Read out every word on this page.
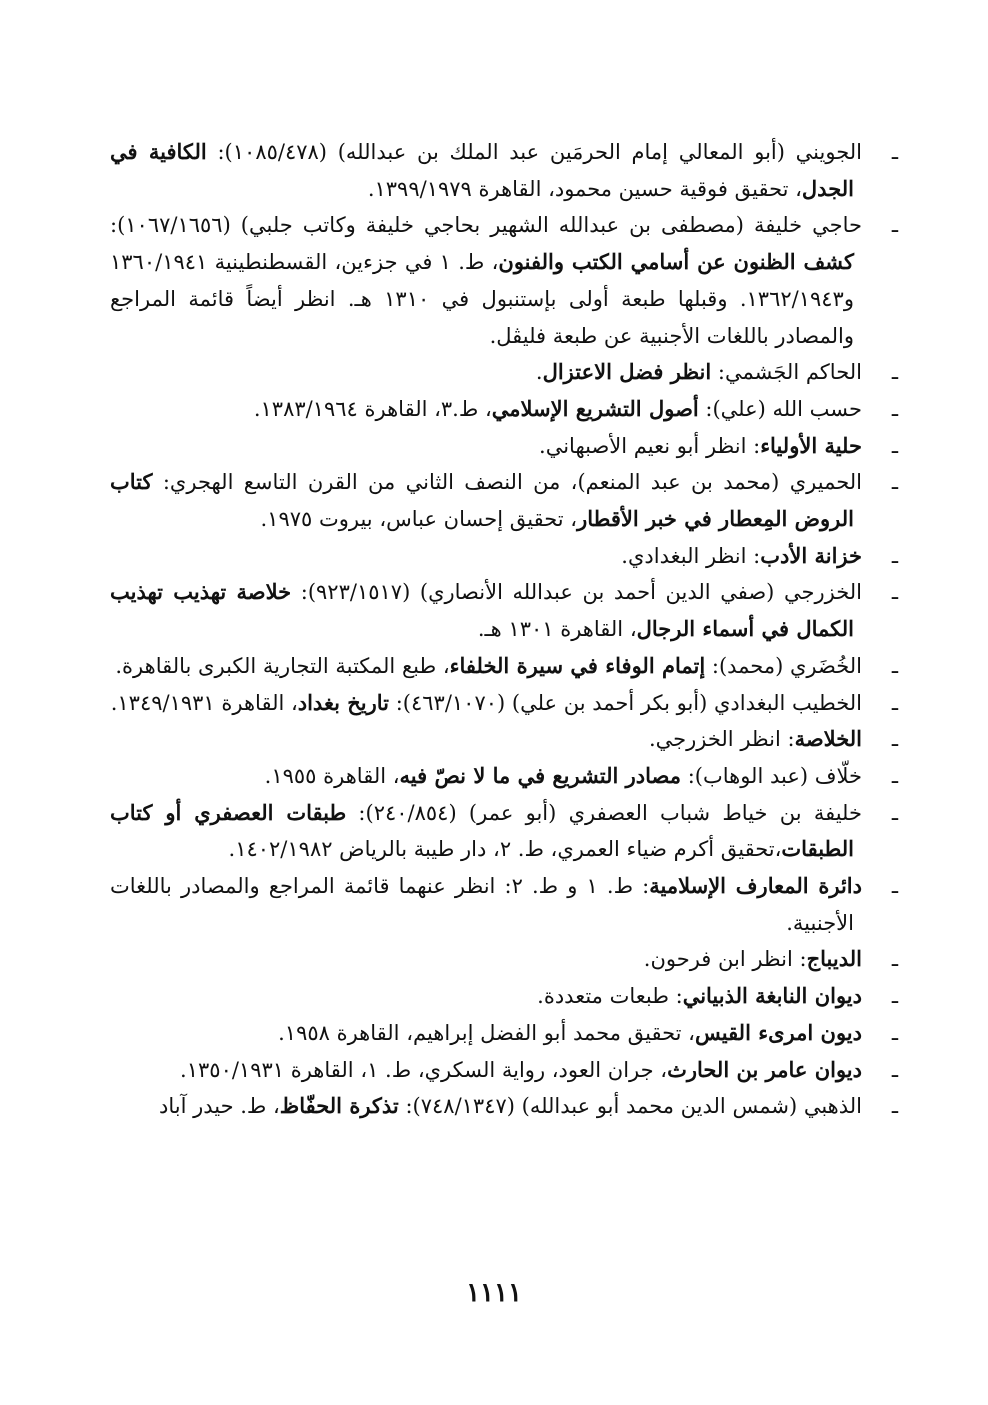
ـالجويني (أبو المعالي إمام الحرمَين عبد الملك بن عبدالله) (١٠٨٥/٤٧٨): الكافية في الجدل، تحقيق فوقية حسين محمود، القاهرة ١٣٩٩/١٩٧٩.

ـحاجي خليفة (مصطفى بن عبدالله الشهير بحاجي خليفة وكاتب جلبي) (١٠٦٧/١٦٥٦): كشف الظنون عن أسامي الكتب والفنون، ط. ١ في جزءين، القسطنطينية ١٣٦٠/١٩٤١ و١٣٦٢/١٩٤٣. وقبلها طبعة أولى بإستنبول في ١٣١٠ هـ. انظر أيضاً قائمة المراجع والمصادر باللغات الأجنبية عن طبعة فليڤل.

ـالحاكم الجَشمي: انظر فضل الاعتزال.

ـحسب الله (علي): أصول التشريع الإسلامي، ط.٣، القاهرة ١٣٨٣/١٩٦٤.

ـحلية الأولياء: انظر أبو نعيم الأصبهاني.

ـالحميري (محمد بن عبد المنعم)، من النصف الثاني من القرن التاسع الهجري: كتاب الروض المِعطار في خبر الأقطار، تحقيق إحسان عباس، بيروت ١٩٧٥.

ـخزانة الأدب: انظر البغدادي.

ـالخزرجي (صفي الدين أحمد بن عبدالله الأنصاري) (٩٢٣/١٥١٧): خلاصة تهذيب تهذيب الكمال في أسماء الرجال، القاهرة ١٣٠١ هـ.

ـالخُضَري (محمد): إتمام الوفاء في سيرة الخلفاء، طبع المكتبة التجارية الكبرى بالقاهرة.

ـالخطيب البغدادي (أبو بكر أحمد بن علي) (٤٦٣/١٠٧٠): تاريخ بغداد، القاهرة ١٣٤٩/١٩٣١.

ـالخلاصة: انظر الخزرجي.

ـخلّاف (عبد الوهاب): مصادر التشريع في ما لا نصّ فيه، القاهرة ١٩٥٥.

ـخليفة بن خياط شباب العصفري (أبو عمر) (٢٤٠/٨٥٤): طبقات العصفري أو كتاب الطبقات،تحقيق أكرم ضياء العمري، ط. ٢، دار طيبة بالرياض ١٤٠٢/١٩٨٢.

ـدائرة المعارف الإسلامية: ط. ١ و ط. ٢: انظر عنهما قائمة المراجع والمصادر باللغات الأجنبية.

ـالديباج: انظر ابن فرحون.

ـديوان النابغة الذبياني: طبعات متعددة.

ـديون امرىء القيس، تحقيق محمد أبو الفضل إبراهيم، القاهرة ١٩٥٨.

ـديوان عامر بن الحارث، جران العود، رواية السكري، ط. ١، القاهرة ١٣٥٠/١٩٣١.

ـالذهبي (شمس الدين محمد أبو عبدالله) (٧٤٨/١٣٤٧): تذكرة الحفّاظ، ط. حيدر آباد

١١١١
